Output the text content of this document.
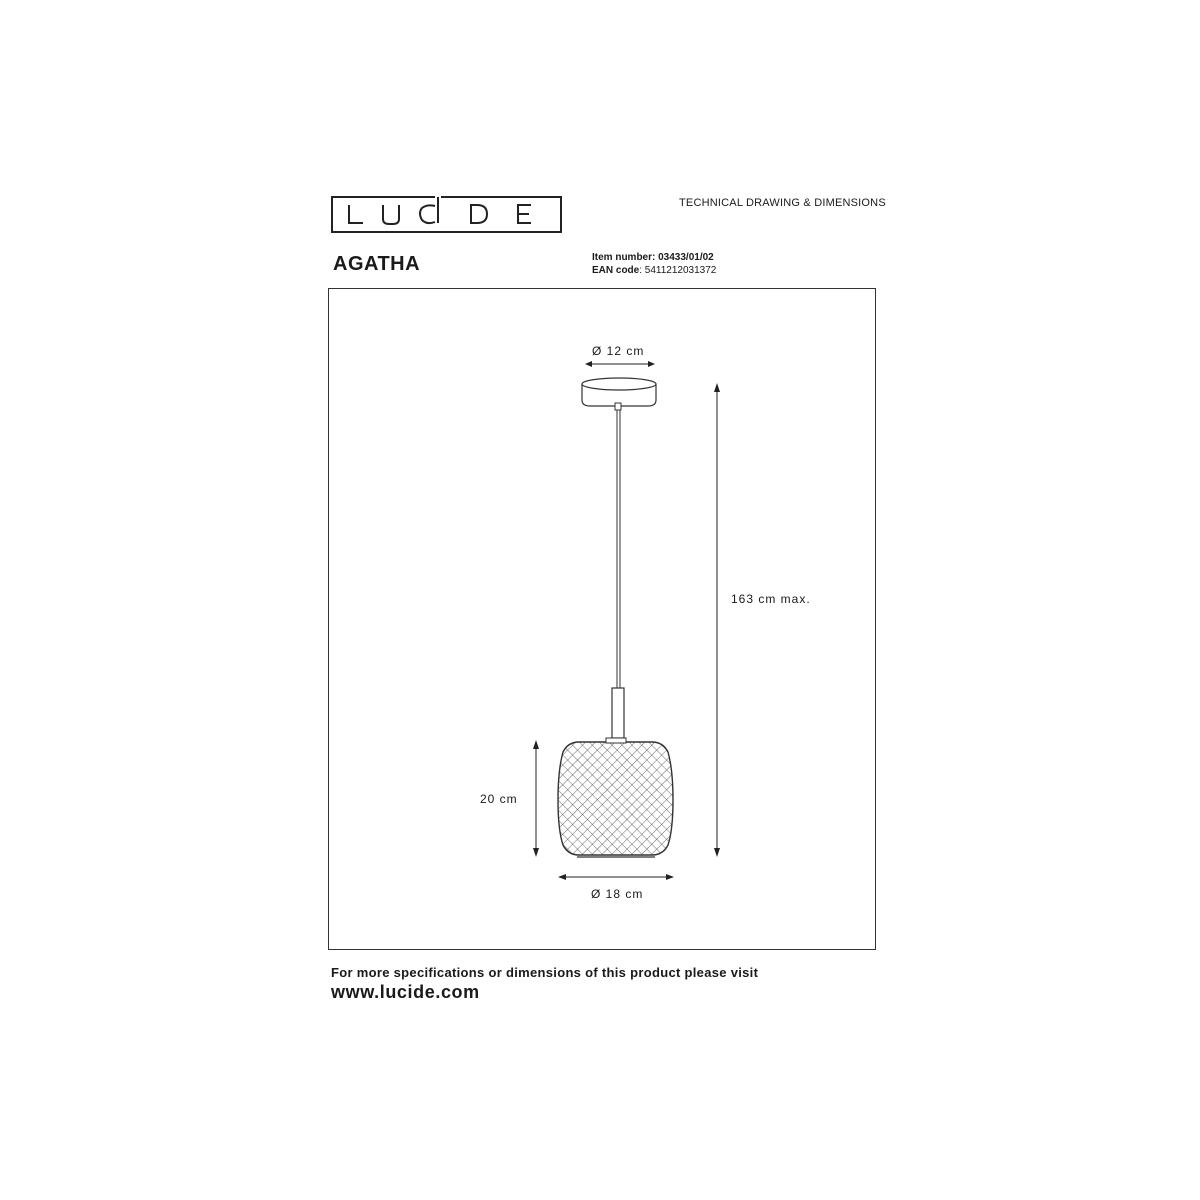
TECHNICAL DRAWING & DIMENSIONS
AGATHA	Item number: 03433/01/02
EAN code: 5411212031372
Ø 12 cm
163 cm max.
20 cm
Ø 18 cm
For more specifications or dimensions of this product please visit
www.lucide.com
